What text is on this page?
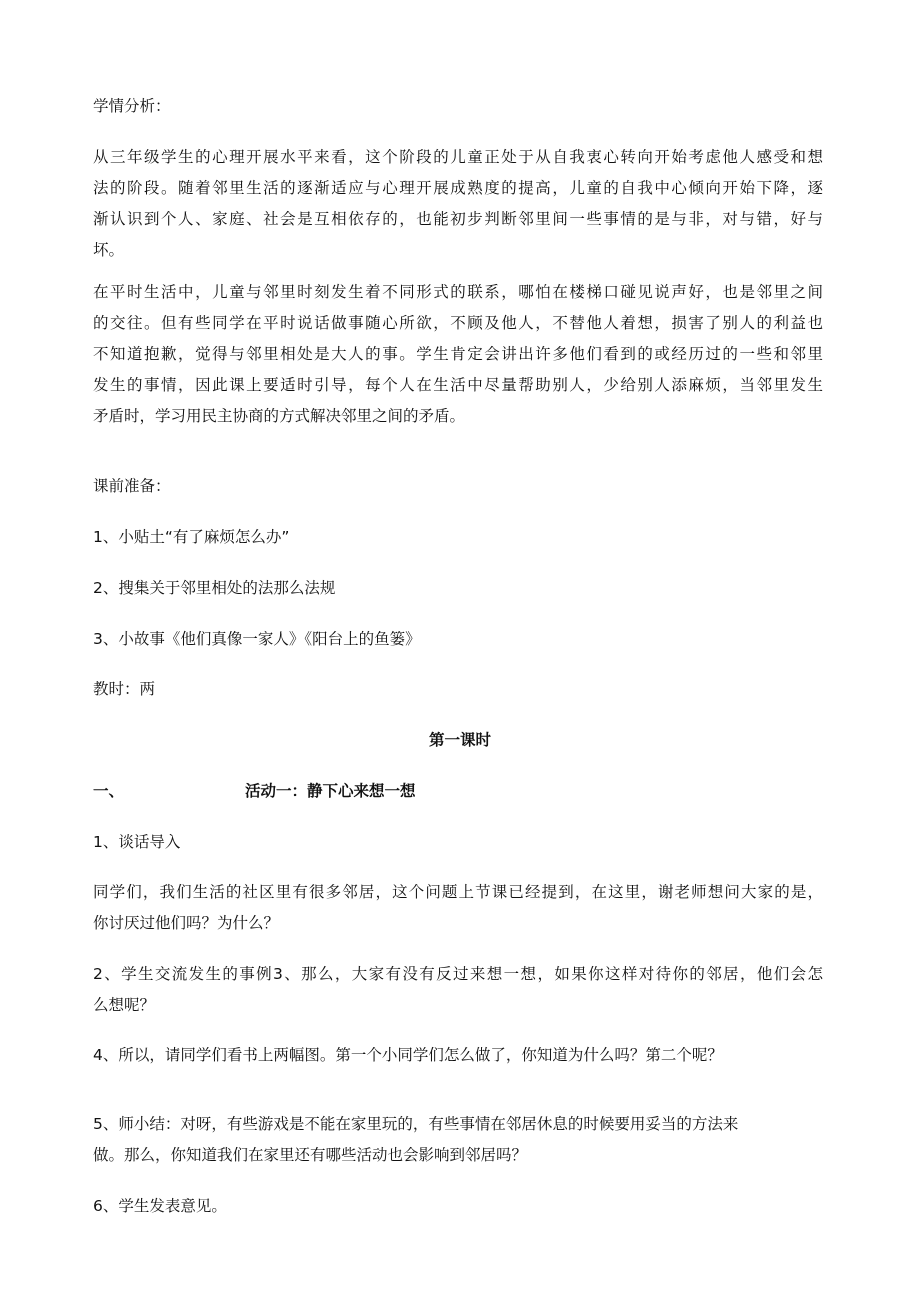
学情分析：
从三年级学生的心理开展水平来看，这个阶段的儿童正处于从自我衷心转向开始考虑他人感受和想
法的阶段。随着邻里生活的逐渐适应与心理开展成熟度的提高，儿童的自我中心倾向开始下降，逐
渐认识到个人、家庭、社会是互相依存的，也能初步判断邻里间一些事情的是与非，对与错，好与
坏。
在平时生活中，儿童与邻里时刻发生着不同形式的联系，哪怕在楼梯口碰见说声好，也是邻里之间
的交往。但有些同学在平时说话做事随心所欲，不顾及他人，不替他人着想，损害了别人的利益也
不知道抱歉，觉得与邻里相处是大人的事。学生肯定会讲出许多他们看到的或经历过的一些和邻里
发生的事情，因此课上要适时引导，每个人在生活中尽量帮助别人，少给别人添麻烦，当邻里发生
矛盾时，学习用民主协商的方式解决邻里之间的矛盾。
课前准备：
1、小贴土“有了麻烦怎么办”
2、搜集关于邻里相处的法那么法规
3、小故事《他们真像一家人》《阳台上的鱼篓》
教时：两
第一课时
一、	活动一：静下心来想一想
1、谈话导入
同学们，我们生活的社区里有很多邻居，这个问题上节课已经提到，在这里，谢老师想问大家的是，
你讨厌过他们吗？为什么？
2、学生交流发生的事例3、那么，大家有没有反过来想一想，如果你这样对待你的邻居，他们会怎
么想呢？
4、所以，请同学们看书上两幅图。第一个小同学们怎么做了，你知道为什么吗？第二个呢？
5、师小结：对呀，有些游戏是不能在家里玩的，有些事情在邻居休息的时候要用妥当的方法来
做。那么，你知道我们在家里还有哪些活动也会影响到邻居吗？
6、学生发表意见。
